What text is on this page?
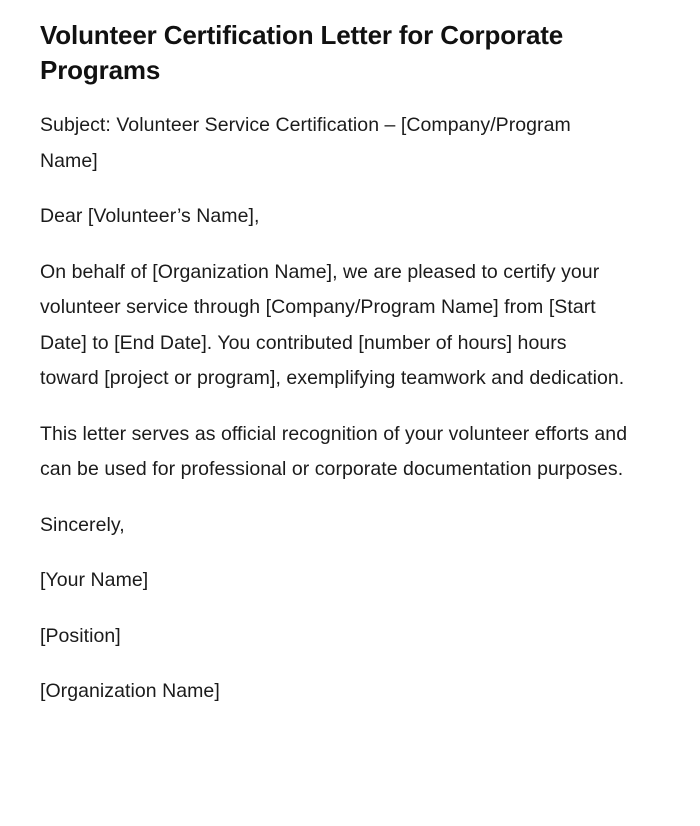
Volunteer Certification Letter for Corporate Programs

Subject: Volunteer Service Certification – [Company/Program Name]

Dear [Volunteer’s Name],

On behalf of [Organization Name], we are pleased to certify your volunteer service through [Company/Program Name] from [Start Date] to [End Date]. You contributed [number of hours] hours toward [project or program], exemplifying teamwork and dedication.

This letter serves as official recognition of your volunteer efforts and can be used for professional or corporate documentation purposes.

Sincerely,

[Your Name]

[Position]

[Organization Name]
